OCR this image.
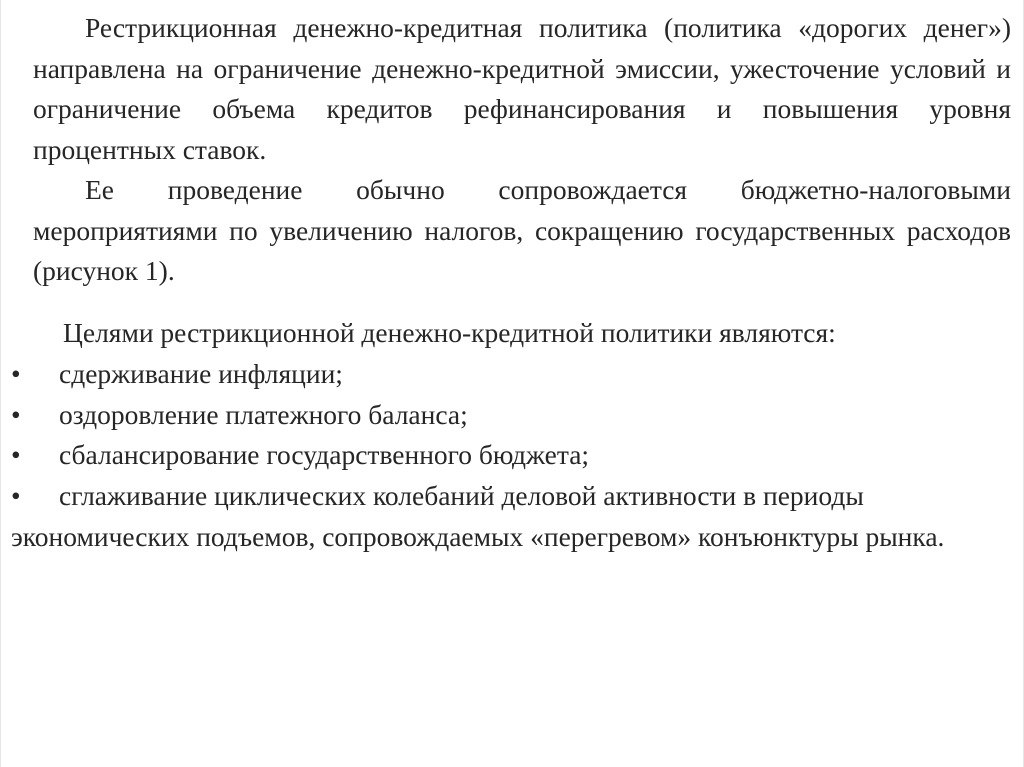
Рестрикционная денежно-кредитная политика (политика «дорогих денег») направлена на ограничение денежно-кредитной эмиссии, ужесточение условий и ограничение объема кредитов рефинансирования и повышения уровня процентных ставок.

Ее проведение обычно сопровождается бюджетно-налоговыми мероприятиями по увеличению налогов, сокращению государственных расходов (рисунок 1).

Целями рестрикционной денежно-кредитной политики являются:

• сдерживание инфляции;

• оздоровление платежного баланса;

• сбалансирование государственного бюджета;

• сглаживание циклических колебаний деловой активности в периоды экономических подъемов, сопровождаемых «перегревом» конъюнктуры рынка.
